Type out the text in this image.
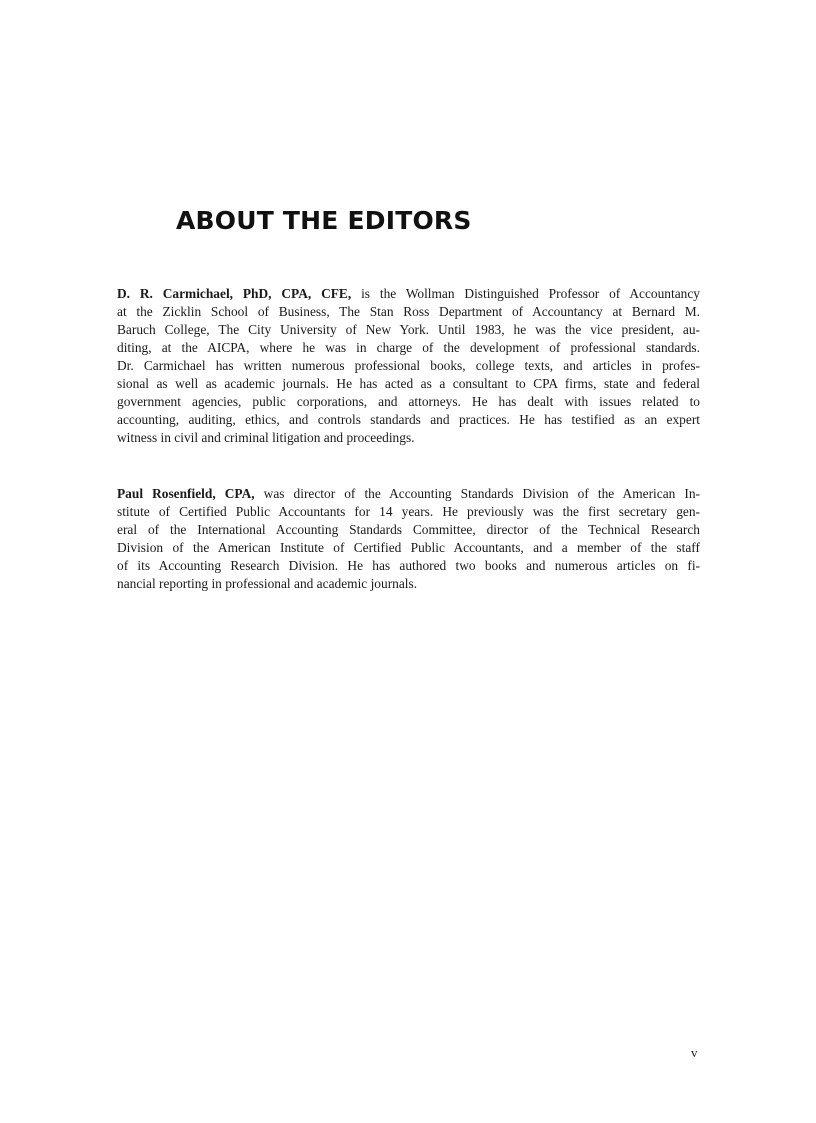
ABOUT THE EDITORS
D. R. Carmichael, PhD, CPA, CFE, is the Wollman Distinguished Professor of Accountancy
at the Zicklin School of Business, The Stan Ross Department of Accountancy at Bernard M.
Baruch College, The City University of New York. Until 1983, he was the vice president, au-
diting, at the AICPA, where he was in charge of the development of professional standards.
Dr. Carmichael has written numerous professional books, college texts, and articles in profes-
sional as well as academic journals. He has acted as a consultant to CPA firms, state and federal
government agencies, public corporations, and attorneys. He has dealt with issues related to
accounting, auditing, ethics, and controls standards and practices. He has testified as an expert
witness in civil and criminal litigation and proceedings.
Paul Rosenfield, CPA, was director of the Accounting Standards Division of the American In-
stitute of Certified Public Accountants for 14 years. He previously was the first secretary gen-
eral of the International Accounting Standards Committee, director of the Technical Research
Division of the American Institute of Certified Public Accountants, and a member of the staff
of its Accounting Research Division. He has authored two books and numerous articles on fi-
nancial reporting in professional and academic journals.
v
